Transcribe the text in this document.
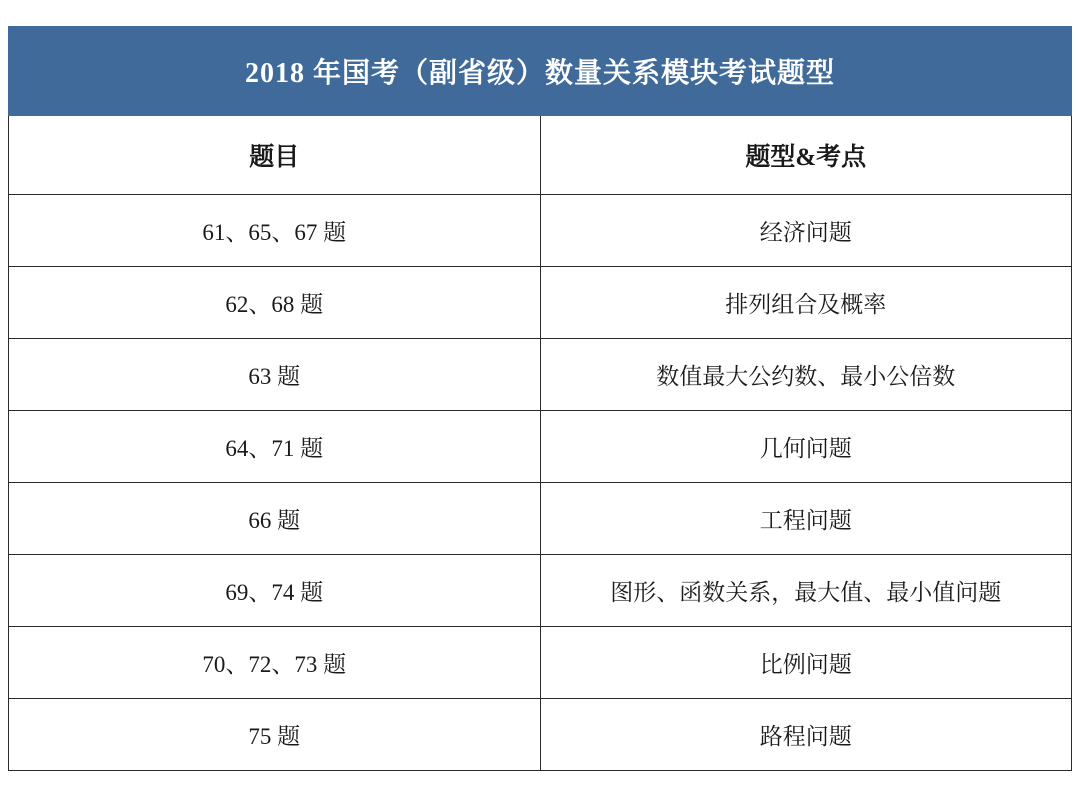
2018 年国考（副省级）数量关系模块考试题型	
题目	题型&考点
61、65、67 题	经济问题
62、68 题	排列组合及概率
63 题	数值最大公约数、最小公倍数
64、71 题	几何问题
66 题	工程问题
69、74 题	图形、函数关系，最大值、最小值问题
70、72、73 题	比例问题
75 题	路程问题
